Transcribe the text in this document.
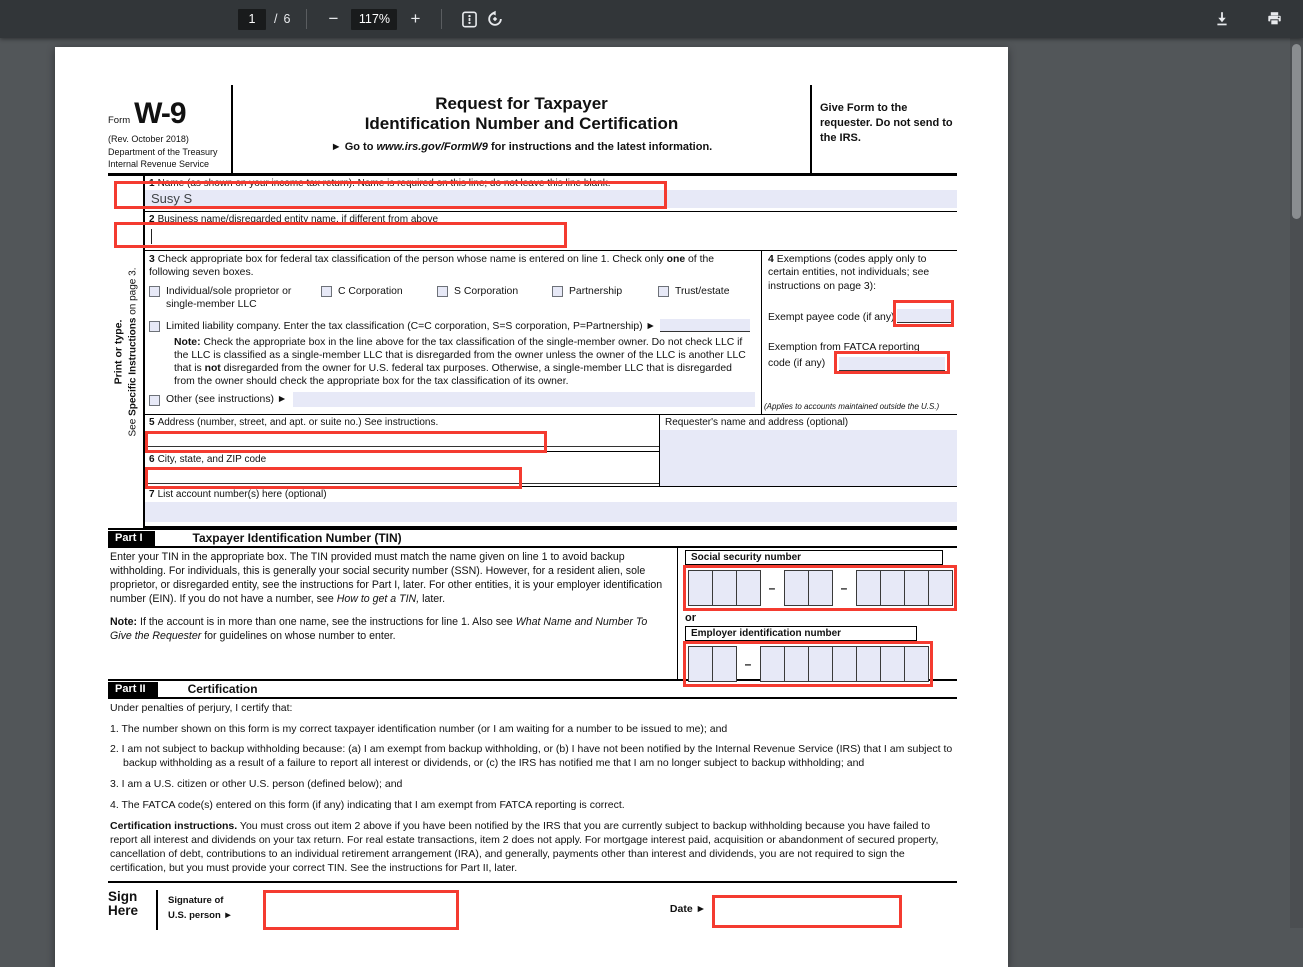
1	/ 6	−	117%	+
Form W-9
(Rev. October 2018)
Department of the Treasury
Internal Revenue Service
Request for Taxpayer
Identification Number and Certification
► Go to www.irs.gov/FormW9 for instructions and the latest information.
Give Form to the requester. Do not send to the IRS.
Print or type.
See Specific Instructions on page 3.
1 Name (as shown on your income tax return). Name is required on this line; do not leave this line blank.
Susy S
2 Business name/disregarded entity name, if different from above
3 Check appropriate box for federal tax classification of the person whose name is entered on line 1. Check only one of the following seven boxes.
Individual/sole proprietor or single-member LLC
C Corporation	S Corporation	Partnership	Trust/estate
Limited liability company. Enter the tax classification (C=C corporation, S=S corporation, P=Partnership) ►
Note: Check the appropriate box in the line above for the tax classification of the single-member owner. Do not check LLC if the LLC is classified as a single-member LLC that is disregarded from the owner unless the owner of the LLC is another LLC that is not disregarded from the owner for U.S. federal tax purposes. Otherwise, a single-member LLC that is disregarded from the owner should check the appropriate box for the tax classification of its owner.
Other (see instructions) ►
4 Exemptions (codes apply only to certain entities, not individuals; see instructions on page 3):
Exempt payee code (if any)
Exemption from FATCA reporting
code (if any)
(Applies to accounts maintained outside the U.S.)
5 Address (number, street, and apt. or suite no.) See instructions.
6 City, state, and ZIP code
Requester's name and address (optional)
7 List account number(s) here (optional)
Part I	Taxpayer Identification Number (TIN)
Enter your TIN in the appropriate box. The TIN provided must match the name given on line 1 to avoid backup withholding. For individuals, this is generally your social security number (SSN). However, for a resident alien, sole proprietor, or disregarded entity, see the instructions for Part I, later. For other entities, it is your employer identification number (EIN). If you do not have a number, see How to get a TIN, later.
Note: If the account is in more than one name, see the instructions for line 1. Also see What Name and Number To Give the Requester for guidelines on whose number to enter.
Social security number
–	–
or
Employer identification number
–
Part II	Certification
Under penalties of perjury, I certify that:
1. The number shown on this form is my correct taxpayer identification number (or I am waiting for a number to be issued to me); and
2. I am not subject to backup withholding because: (a) I am exempt from backup withholding, or (b) I have not been notified by the Internal Revenue Service (IRS) that I am subject to backup withholding as a result of a failure to report all interest or dividends, or (c) the IRS has notified me that I am no longer subject to backup withholding; and
3. I am a U.S. citizen or other U.S. person (defined below); and
4. The FATCA code(s) entered on this form (if any) indicating that I am exempt from FATCA reporting is correct.
Certification instructions. You must cross out item 2 above if you have been notified by the IRS that you are currently subject to backup withholding because you have failed to report all interest and dividends on your tax return. For real estate transactions, item 2 does not apply. For mortgage interest paid, acquisition or abandonment of secured property, cancellation of debt, contributions to an individual retirement arrangement (IRA), and generally, payments other than interest and dividends, you are not required to sign the certification, but you must provide your correct TIN. See the instructions for Part II, later.
Sign
Here
Signature of
U.S. person ►
Date ►
